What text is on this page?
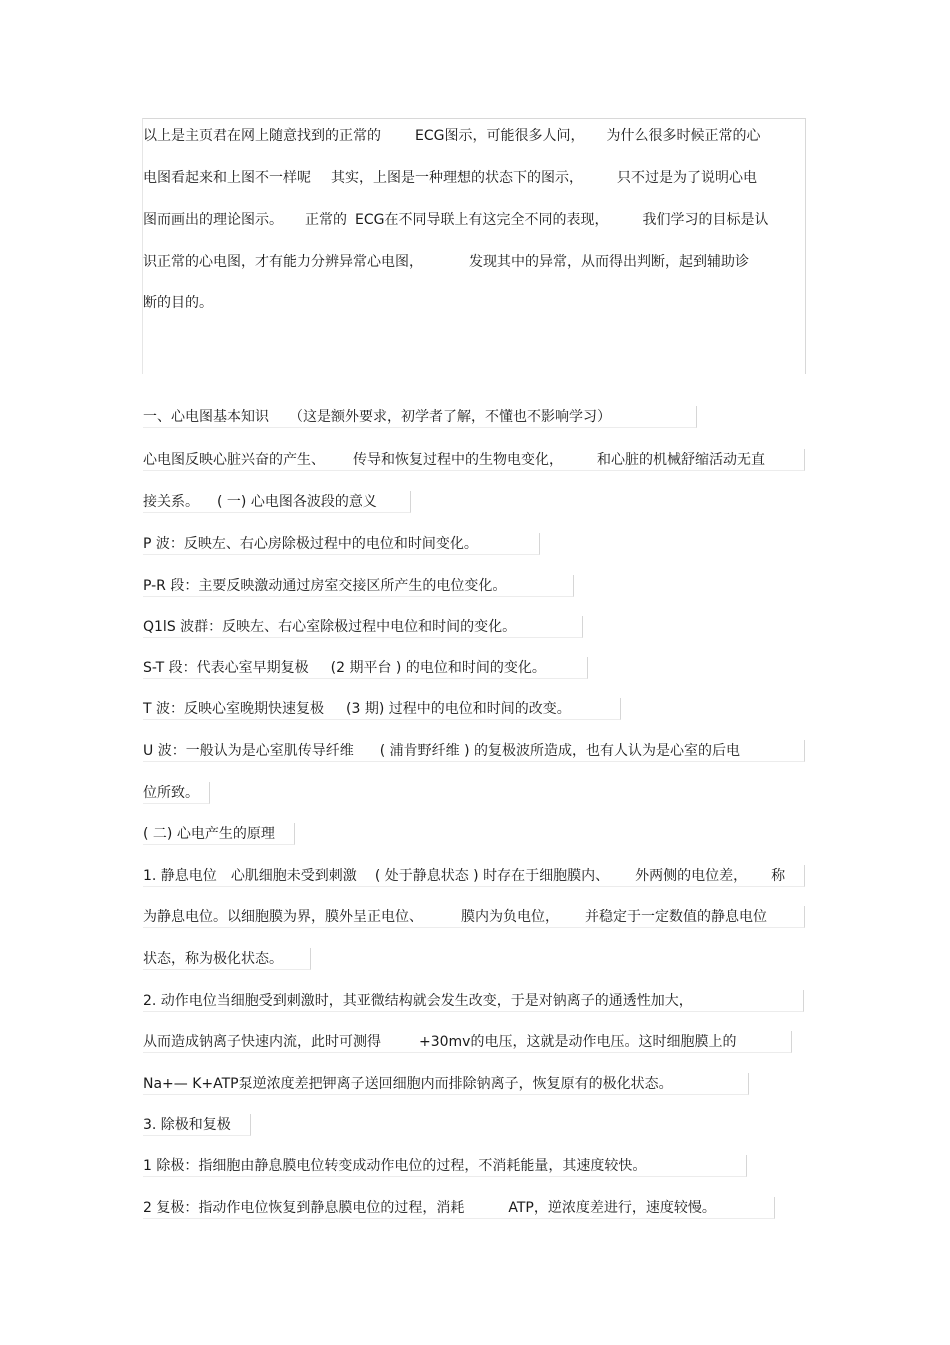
以上是主页君在网上随意找到的正常的 ECG图示，可能很多人问， 为什么很多时候正常的心
电图看起来和上图不一样呢 其实，上图是一种理想的状态下的图示， 只不过是为了说明心电
图而画出的理论图示。 正常的 ECG在不同导联上有这完全不同的表现， 我们学习的目标是认
识正常的心电图，才有能力分辨异常心电图，	发现其中的异常，从而得出判断，起到辅助诊
断的目的。
一、心电图基本知识 （这是额外要求，初学者了解，不懂也不影响学习）
心电图反映心脏兴奋的产生、 传导和恢复过程中的生物电变化， 和心脏的机械舒缩活动无直
接关系。 ( 一) 心电图各波段的意义
P 波：反映左、右心房除极过程中的电位和时间变化。
P-R 段：主要反映激动通过房室交接区所产生的电位变化。
Q1lS 波群：反映左、右心室除极过程中电位和时间的变化。
S-T 段：代表心室早期复极 (2 期平台 ) 的电位和时间的变化。
T 波：反映心室晚期快速复极 (3 期) 过程中的电位和时间的改变。
U 波：一般认为是心室肌传导纤维 ( 浦肯野纤维 ) 的复极波所造成，也有人认为是心室的后电
位所致。
( 二) 心电产生的原理
1. 静息电位 心肌细胞未受到刺激 ( 处于静息状态 ) 时存在于细胞膜内、 外两侧的电位差， 称
为静息电位。以细胞膜为界，膜外呈正电位、	膜内为负电位， 并稳定于一定数值的静息电位
状态，称为极化状态。
2. 动作电位当细胞受到刺激时，其亚微结构就会发生改变，于是对钠离子的通透性加大，
从而造成钠离子快速内流，此时可测得	+30mv的电压，这就是动作电压。这时细胞膜上的
Na+— K+ATP泵逆浓度差把钾离子送回细胞内而排除钠离子，恢复原有的极化状态。
3. 除极和复极
1 除极：指细胞由静息膜电位转变成动作电位的过程，不消耗能量，其速度较快。
2 复极：指动作电位恢复到静息膜电位的过程，消耗	ATP，逆浓度差进行，速度较慢。
